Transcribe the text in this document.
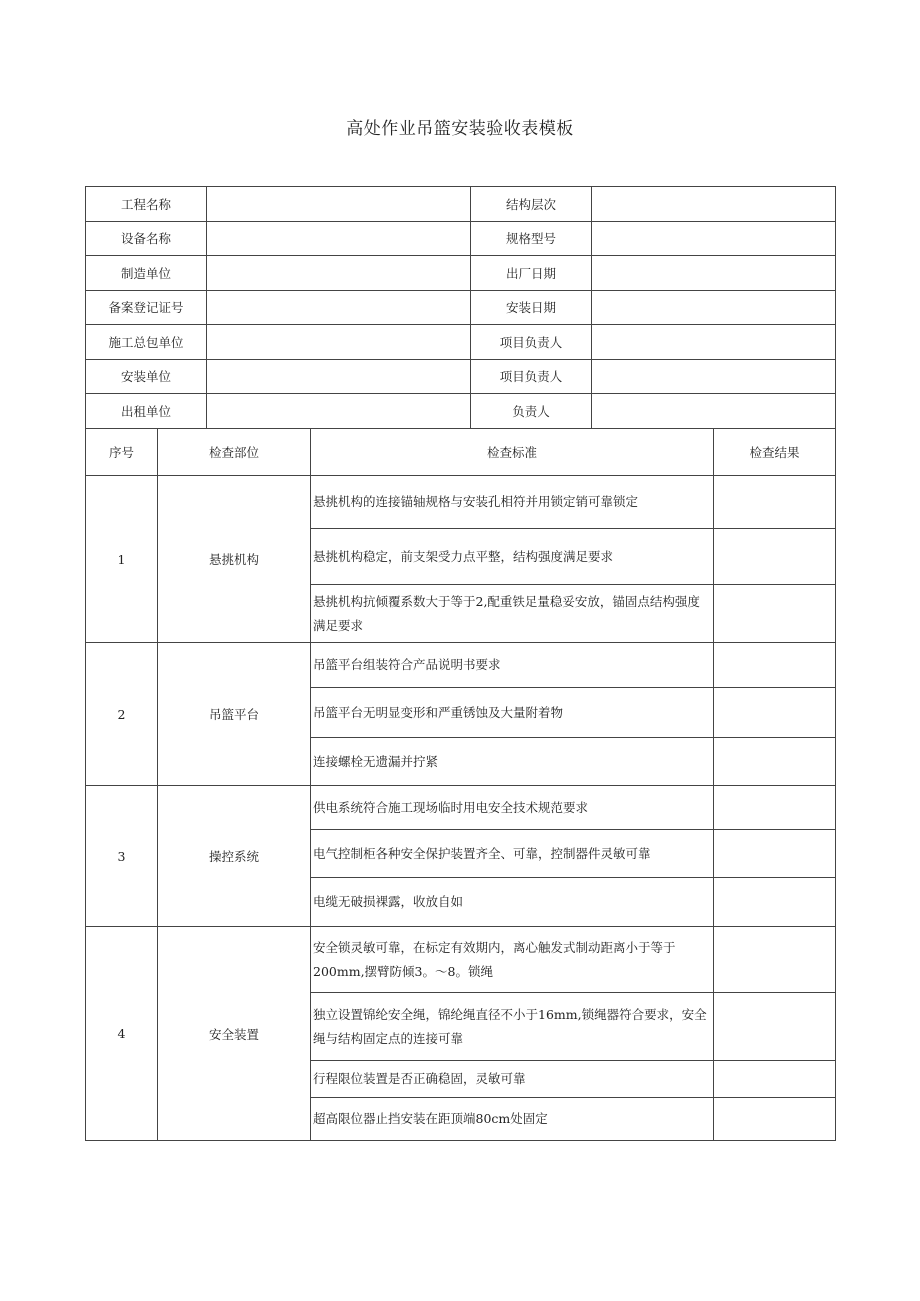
高处作业吊篮安装验收表模板
工程名称		结构层次	
设备名称		规格型号	
制造单位		出厂日期	
备案登记证号		安装日期	
施工总包单位		项目负责人	
安装单位		项目负责人	
出租单位		负责人	
序号	检查部位	检查标准	检查结果
1	悬挑机构	悬挑机构的连接锚轴规格与安装孔相符并用锁定销可靠锁定	
		悬挑机构稳定，前支架受力点平整，结构强度满足要求	
		悬挑机构抗倾覆系数大于等于2,配重铁足量稳妥安放，锚固点结构强度满足要求	
2	吊篮平台	吊篮平台组装符合产品说明书要求	
		吊篮平台无明显变形和严重锈蚀及大量附着物	
		连接螺栓无遗漏并拧紧	
3	操控系统	供电系统符合施工现场临时用电安全技术规范要求	
		电气控制柜各种安全保护装置齐全、可靠，控制器件灵敏可靠	
		电缆无破损裸露，收放自如	
4	安全装置	安全锁灵敏可靠，在标定有效期内，离心触发式制动距离小于等于200mm,摆臂防倾3。～8。锁绳	
		独立设置锦纶安全绳，锦纶绳直径不小于16mm,锁绳器符合要求，安全绳与结构固定点的连接可靠	
		行程限位装置是否正确稳固，灵敏可靠	
		超高限位器止挡安装在距顶端80cm处固定	
